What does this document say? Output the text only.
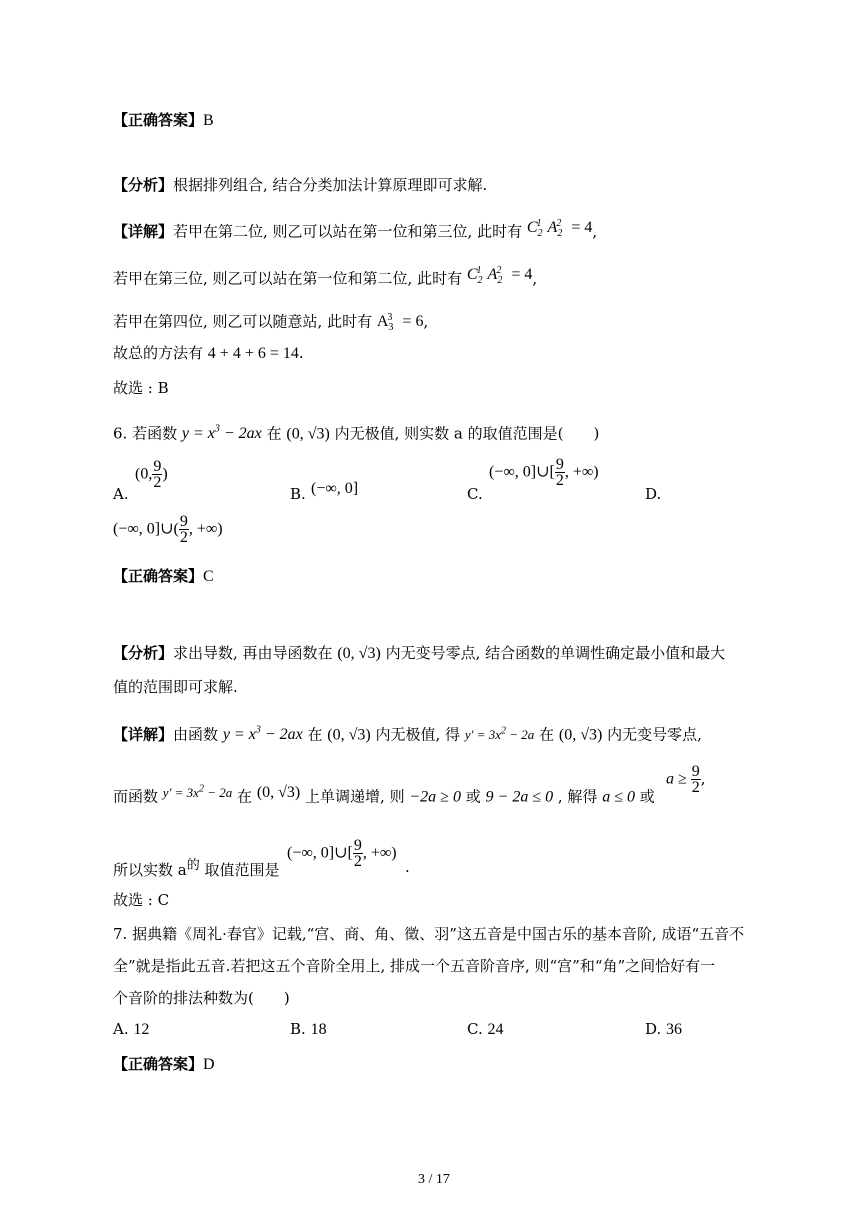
【正确答案】B
【分析】根据排列组合, 结合分类加法计算原理即可求解.
【详解】若甲在第二位, 则乙可以站在第一位和第三位, 此时有 $C_2^1$ $A_2^2 = 4$,
若甲在第三位, 则乙可以站在第一位和第二位, 此时有 $C_2^1$ $A_2^2 = 4$,
若甲在第四位, 则乙可以随意站, 此时有 $A_3^3 = 6$,
故总的方法有 4 + 4 + 6 = 14.
故选 : B
6. 若函数 $y = x^3 - 2ax$ 在 (0, √3) 内无极值, 则实数 a 的取值范围是(　　)
A.
(0, $\frac{9}{2}$ )
B. (−∞, 0]	C.
(−∞, 0]∪[ $\frac{9}{2}$ , +∞)
D.
(−∞, 0]∪( $\frac{9}{2}$ , +∞)
【正确答案】C
【分析】求出导数, 再由导函数在 (0, √3) 内无变号零点, 结合函数的单调性确定最小值和最大
值的范围即可求解.
【详解】由函数 $y = x^3 - 2ax$ 在 (0, √3) 内无极值, 得 $y' = 3x^2 - 2a$ 在 (0, √3) 内无变号零点,
而函数 $y' = 3x^2 - 2a$ 在 (0, √3) 上单调递增, 则 −2a ≥ 0 或 9 − 2a ≤ 0 , 解得 a ≤ 0 或
$a \ge \frac{9}{2}$ ,
所以实数 $a^的$ 取值范围是
(−∞, 0]∪[ $\frac{9}{2}$ , +∞)
.
故选 : C
7. 据典籍《周礼·春官》记载,“宫、商、角、徵、羽”这五音是中国古乐的基本音阶, 成语“五音不
全”就是指此五音.若把这五个音阶全用上, 排成一个五音阶音序, 则“宫”和“角”之间恰好有一
个音阶的排法种数为(　　)
A. 12	B. 18	C. 24	D. 36
【正确答案】D
3 / 17
